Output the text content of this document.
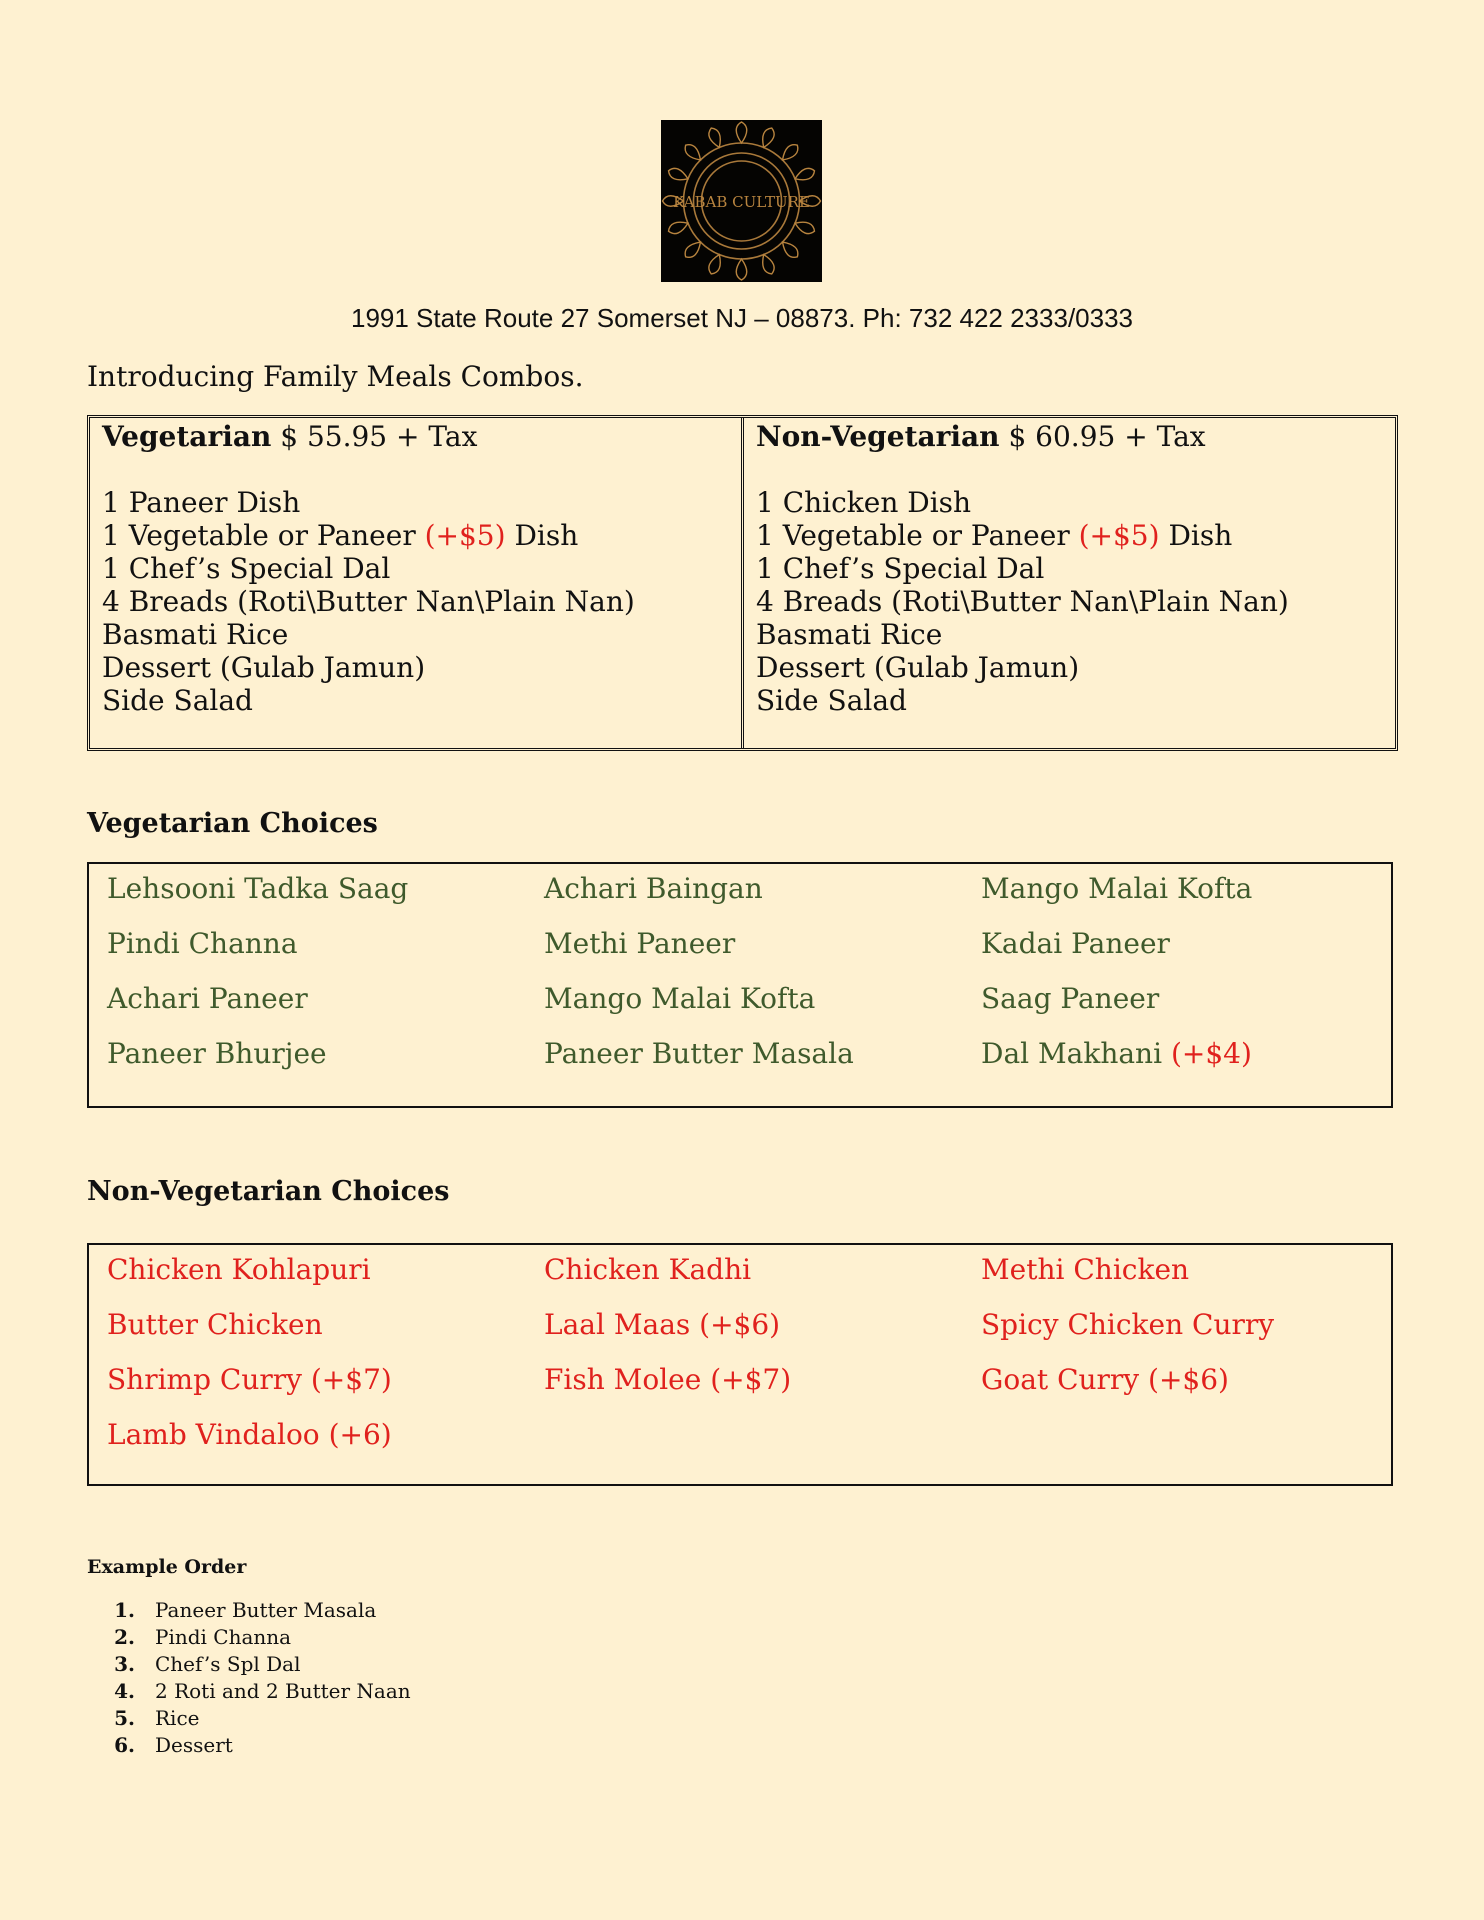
KABAB CULTURE
1991 State Route 27 Somerset NJ – 08873. Ph: 732 422 2333/0333
Introducing Family Meals Combos.
Vegetarian $ 55.95 + Tax
1 Paneer Dish
1 Vegetable or Paneer (+$5) Dish
1 Chef’s Special Dal
4 Breads (Roti\Butter Nan\Plain Nan)
Basmati Rice
Dessert (Gulab Jamun)
Side Salad
Non-Vegetarian $ 60.95 + Tax
1 Chicken Dish
1 Vegetable or Paneer (+$5) Dish
1 Chef’s Special Dal
4 Breads (Roti\Butter Nan\Plain Nan)
Basmati Rice
Dessert (Gulab Jamun)
Side Salad
Vegetarian Choices
Lehsooni Tadka Saag	Achari Baingan	Mango Malai Kofta
Pindi Channa	Methi Paneer	Kadai Paneer
Achari Paneer	Mango Malai Kofta	Saag Paneer
Paneer Bhurjee	Paneer Butter Masala	Dal Makhani (+$4)
Non-Vegetarian Choices
Chicken Kohlapuri	Chicken Kadhi	Methi Chicken
Butter Chicken	Laal Maas (+$6)	Spicy Chicken Curry
Shrimp Curry (+$7)	Fish Molee (+$7)	Goat Curry (+$6)
Lamb Vindaloo (+6)
Example Order
1. Paneer Butter Masala
2. Pindi Channa
3. Chef’s Spl Dal
4. 2 Roti and 2 Butter Naan
5. Rice
6. Dessert
